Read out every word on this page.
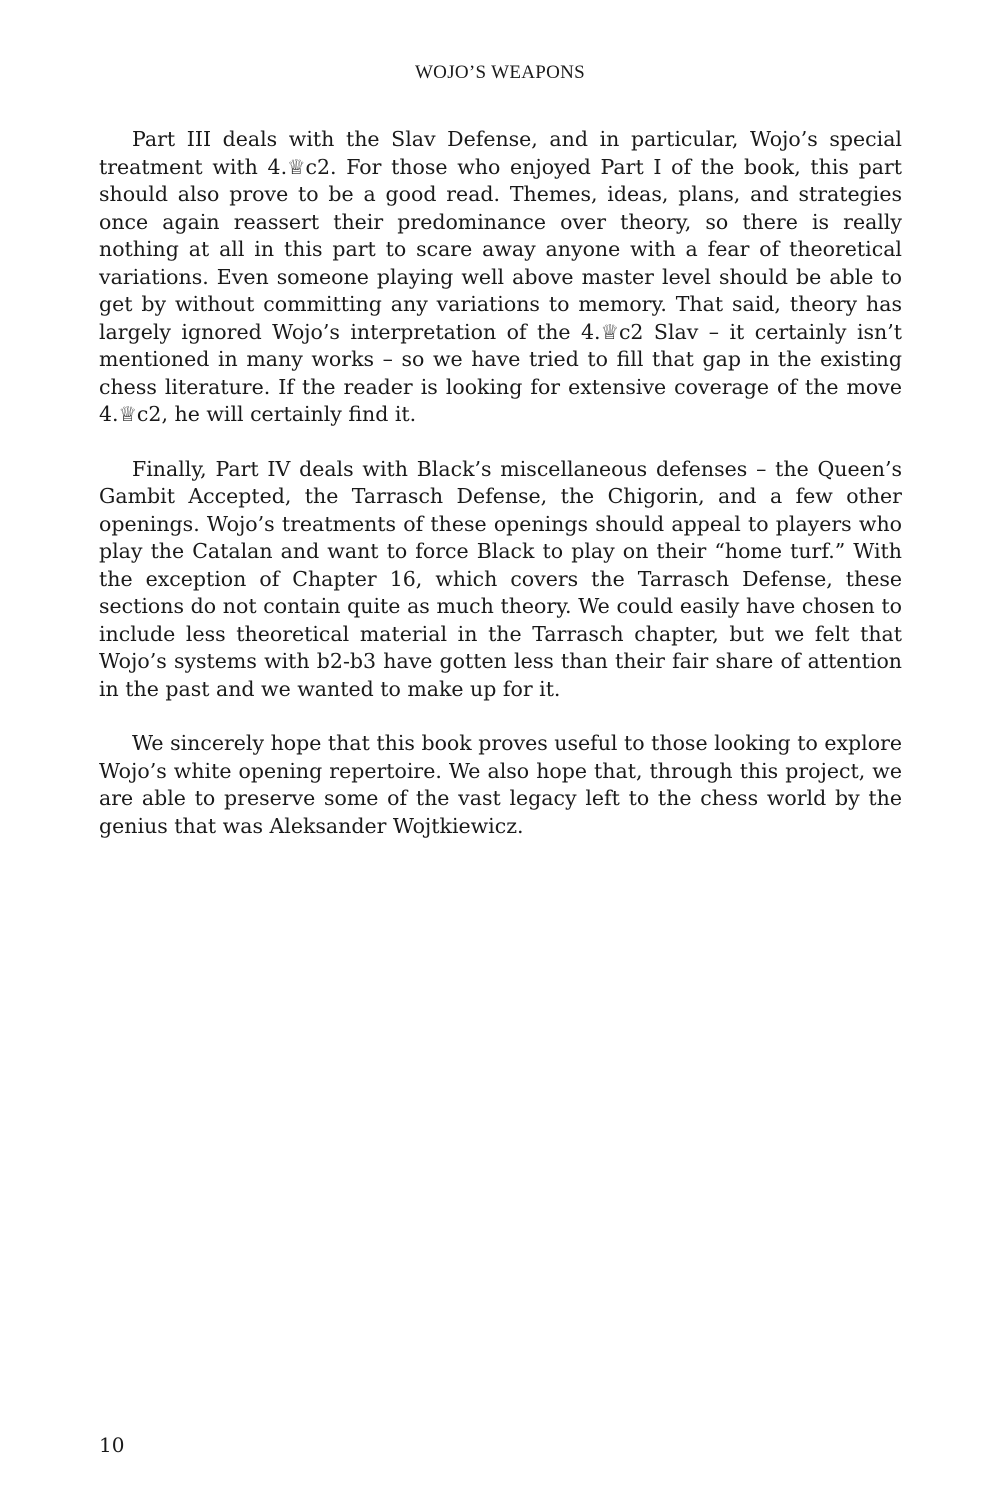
WOJO’S WEAPONS

Part III deals with the Slav Defense, and in particular, Wojo’s special treatment with 4.♕c2. For those who enjoyed Part I of the book, this part should also prove to be a good read. Themes, ideas, plans, and strategies once again reassert their predominance over theory, so there is really nothing at all in this part to scare away anyone with a fear of theoretical variations. Even someone playing well above master level should be able to get by without committing any variations to memory. That said, theory has largely ignored Wojo’s interpretation of the 4.♕c2 Slav – it certainly isn’t mentioned in many works – so we have tried to fill that gap in the existing chess literature. If the reader is looking for extensive coverage of the move 4.♕c2, he will certainly find it.

Finally, Part IV deals with Black’s miscellaneous defenses – the Queen’s Gambit Accepted, the Tarrasch Defense, the Chigorin, and a few other openings. Wojo’s treatments of these openings should appeal to players who play the Catalan and want to force Black to play on their “home turf.” With the exception of Chapter 16, which covers the Tarrasch Defense, these sections do not contain quite as much theory. We could easily have chosen to include less theoretical material in the Tarrasch chapter, but we felt that Wojo’s systems with b2-b3 have gotten less than their fair share of attention in the past and we wanted to make up for it.

We sincerely hope that this book proves useful to those looking to explore Wojo’s white opening repertoire. We also hope that, through this project, we are able to preserve some of the vast legacy left to the chess world by the genius that was Aleksander Wojtkiewicz.

10
